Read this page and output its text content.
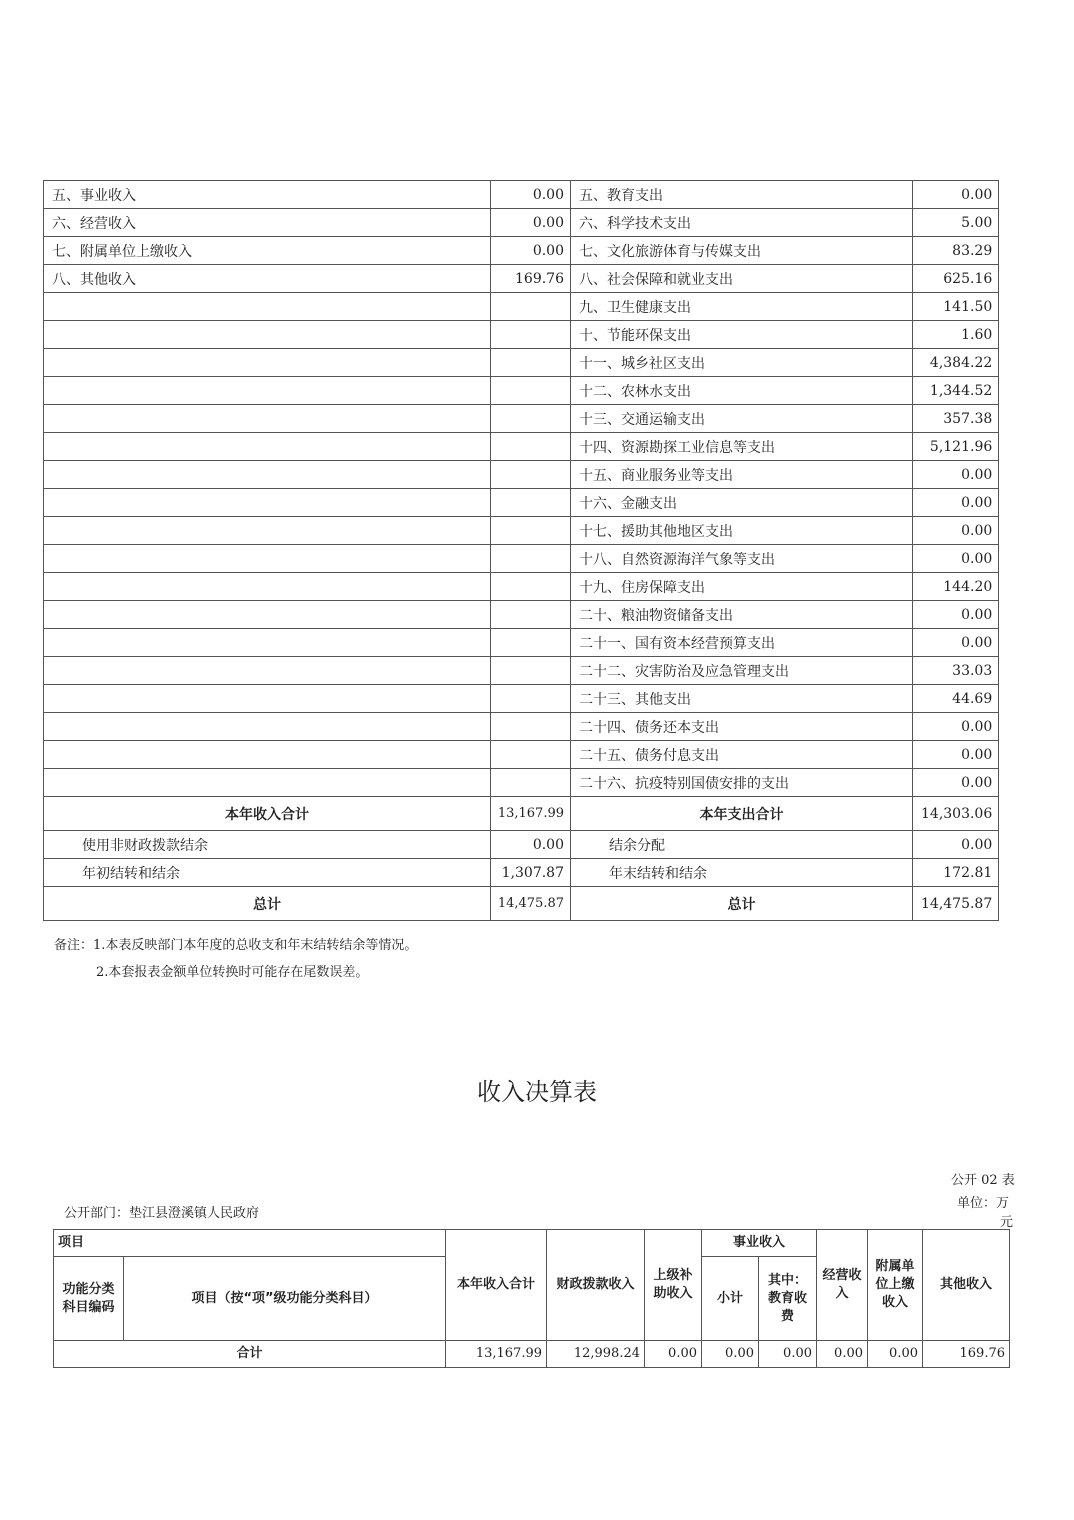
五、事业收入	0.00	五、教育支出	0.00
六、经营收入	0.00	六、科学技术支出	5.00
七、附属单位上缴收入	0.00	七、文化旅游体育与传媒支出	83.29
八、其他收入	169.76	八、社会保障和就业支出	625.16
		九、卫生健康支出	141.50
		十、节能环保支出	1.60
		十一、城乡社区支出	4,384.22
		十二、农林水支出	1,344.52
		十三、交通运输支出	357.38
		十四、资源勘探工业信息等支出	5,121.96
		十五、商业服务业等支出	0.00
		十六、金融支出	0.00
		十七、援助其他地区支出	0.00
		十八、自然资源海洋气象等支出	0.00
		十九、住房保障支出	144.20
		二十、粮油物资储备支出	0.00
		二十一、国有资本经营预算支出	0.00
		二十二、灾害防治及应急管理支出	33.03
		二十三、其他支出	44.69
		二十四、债务还本支出	0.00
		二十五、债务付息支出	0.00
		二十六、抗疫特别国债安排的支出	0.00
本年收入合计	13,167.99	本年支出合计	14,303.06
使用非财政拨款结余	0.00	结余分配	0.00
年初结转和结余	1,307.87	年末结转和结余	172.81
总计	14,475.87	总计	14,475.87
备注：1.本表反映部门本年度的总收支和年末结转结余等情况。
2.本套报表金额单位转换时可能存在尾数误差。
收入决算表
公开 02 表
单位：万
元
公开部门：垫江县澄溪镇人民政府
项目		本年收入合计	财政拨款收入	上级补助收入	事业收入		经营收入	附属单位上缴收入	其他收入
功能分类科目编码	项目（按“项”级功能分类科目）				小计	其中：教育收费			
合计		13,167.99	12,998.24	0.00	0.00	0.00	0.00	0.00	169.76
